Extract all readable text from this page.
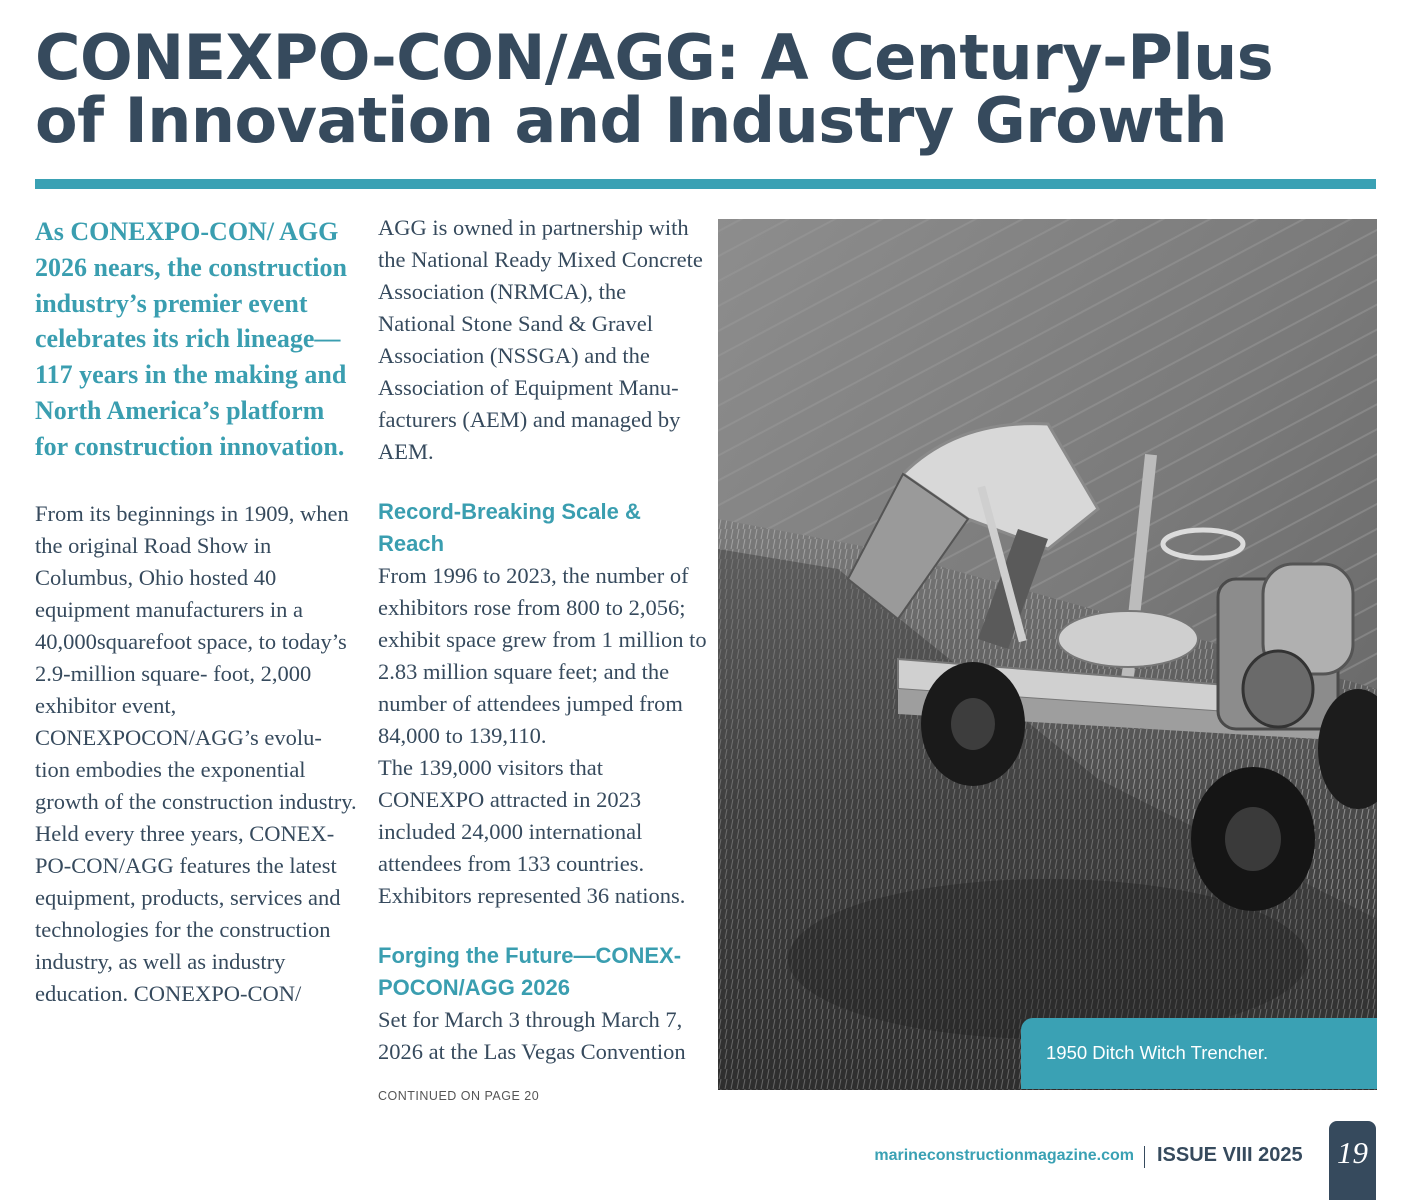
CONEXPO-CON/AGG: A Century-Plus
of Innovation and Industry Growth

As CONEXPO-CON/ AGG 2026 nears, the construction industry’s premier event celebrates its rich lineage—117 years in the making and North America’s platform for construction innovation.

From its beginnings in 1909, when the original Road Show in Columbus, Ohio hosted 40 equipment manufacturers in a 40,000squarefoot space, to today’s 2.9-million square- foot, 2,000 exhibitor event, CONEXPOCON/AGG’s evolu- tion embodies the exponential growth of the construction industry.

Held every three years, CONEX- PO-CON/AGG features the latest equipment, products, services and technologies for the construction industry, as well as industry education. CONEXPO-CON/

AGG is owned in partnership with the National Ready Mixed Concrete Association (NRMCA), the National Stone Sand & Gravel Association (NSSGA) and the Association of Equipment Manu- facturers (AEM) and managed by AEM.

Record-Breaking Scale & Reach

From 1996 to 2023, the number of exhibitors rose from 800 to 2,056; exhibit space grew from 1 million to 2.83 million square feet; and the number of attendees jumped from 84,000 to 139,110.

The 139,000 visitors that CONEXPO attracted in 2023 included 24,000 international attendees from 133 countries. Exhibitors represented 36 nations.

Forging the Future—CONEX- POCON/AGG 2026

Set for March 3 through March 7, 2026 at the Las Vegas Convention

CONTINUED ON PAGE 20
1950 Ditch Witch Trencher.
marineconstructionmagazine.com ISSUE VIII 2025 19
